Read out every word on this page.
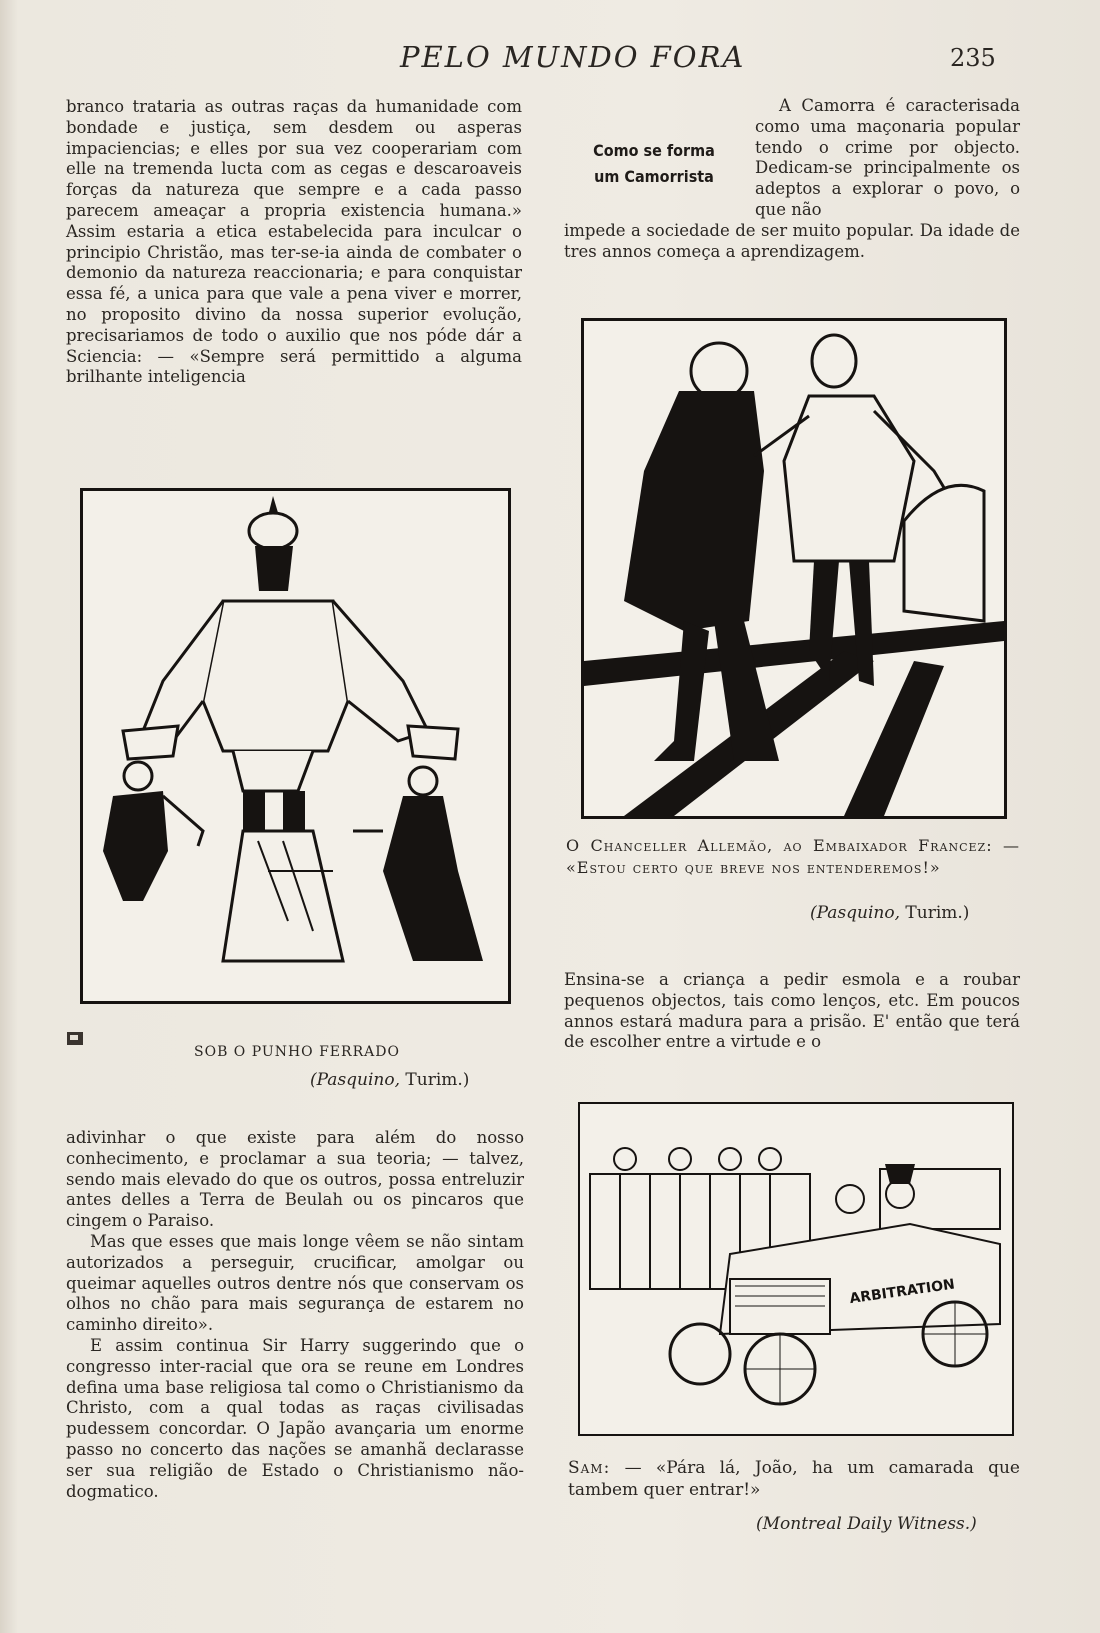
PELO MUNDO FORA	235

branco trataria as outras raças da humanidade com bondade e justiça, sem desdem ou asperas impaciencias; e elles por sua vez cooperariam com elle na tremenda lucta com as cegas e descaroaveis forças da natureza que sempre e a cada passo parecem ameaçar a propria existencia humana.» Assim estaria a etica estabelecida para inculcar o principio Christão, mas ter-se-ia ainda de combater o demonio da natureza reaccionaria; e para conquistar essa fé, a unica para que vale a pena viver e morrer, no proposito divino da nossa superior evolução, precisariamos de todo o auxilio que nos póde dár a Sciencia: — «Sempre será permittido a alguma brilhante inteligencia

SOB O PUNHO FERRADO
(Pasquino, Turim.)

adivinhar o que existe para além do nosso conhecimento, e proclamar a sua teoria; — talvez, sendo mais elevado do que os outros, possa entreluzir antes delles a Terra de Beulah ou os pincaros que cingem o Paraiso.

Mas que esses que mais longe vêem se não sintam autorizados a perseguir, crucificar, amolgar ou queimar aquelles outros dentre nós que conservam os olhos no chão para mais segurança de estarem no caminho direito».

E assim continua Sir Harry suggerindo que o congresso inter-racial que ora se reune em Londres defina uma base religiosa tal como o Christianismo da Christo, com a qual todas as raças civilisadas pudessem concordar. O Japão avançaria um enorme passo no concerto das nações se amanhã declarasse ser sua religião de Estado o Christianismo não-dogmatico.

Como se forma
um Camorrista

A Camorra é caracterisada como uma maçonaria popular tendo o crime por objecto. Dedicam-se principalmente os adeptos a explorar o povo, o que não

impede a sociedade de ser muito popular. Da idade de tres annos começa a aprendizagem.

O Chanceller Allemão, ao Embaixador Francez: — «Estou certo que breve nos entenderemos!»
(Pasquino, Turim.)

Ensina-se a criança a pedir esmola e a roubar pequenos objectos, tais como lenços, etc. Em poucos annos estará madura para a prisão. E' então que terá de escolher entre a virtude e o

ARBITRATION
Sam: — «Pára lá, João, ha um camarada que tambem quer entrar!»
(Montreal Daily Witness.)
